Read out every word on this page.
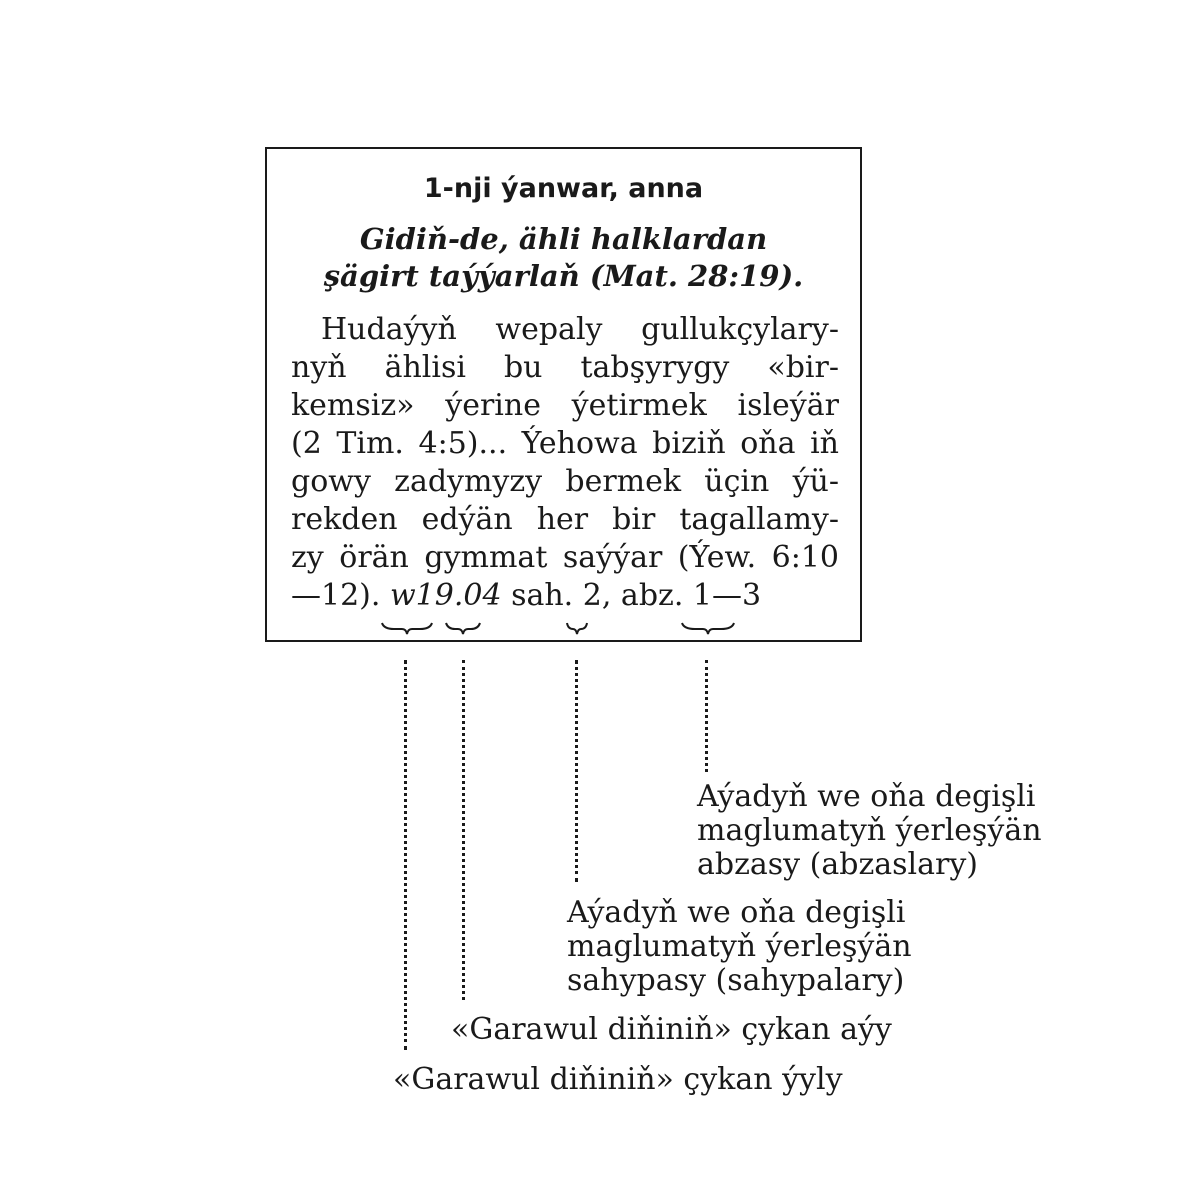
1-nji ýanwar, anna
Gidiň-de, ähli halklardan
şägirt taýýarlaň (Mat. 28:19).
Hudaýyň wepaly gullukçylary-
nyň ählisi bu tabşyrygy «bir-
kemsiz» ýerine ýetirmek isleýär
(2 Tim. 4:5)... Ýehowa biziň oňa iň
gowy zadymyzy bermek üçin ýü-
rekden edýän her bir tagallamy-
zy örän gymmat saýýar (Ýew. 6:10
—12). w19.04 sah. 2, abz. 1—3
Aýadyň we oňa degişli
maglumatyň ýerleşýän
abzasy (abzaslary)
Aýadyň we oňa degişli
maglumatyň ýerleşýän
sahypasy (sahypalary)
«Garawul diňiniň» çykan aýy
«Garawul diňiniň» çykan ýyly
